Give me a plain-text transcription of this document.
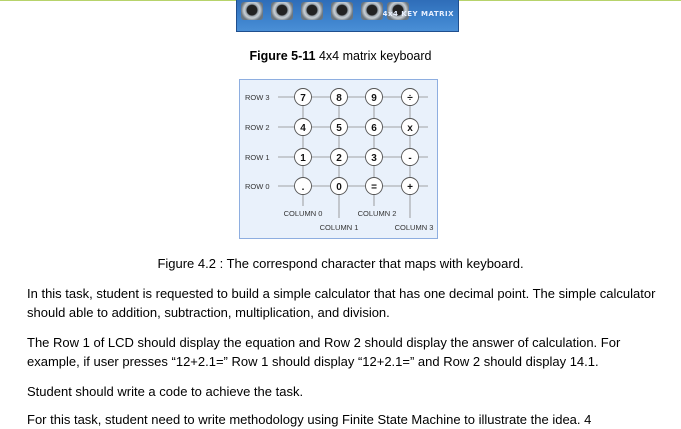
4x4 KEY MATRIX
Figure 5-11 4x4 matrix keyboard
ROW 3
ROW 2
ROW 1
ROW 0
7	8	9	÷
4	5	6	x
1	2	3	-
.	0	=	+
COLUMN 0
COLUMN 1
COLUMN 2
COLUMN 3
Figure 4.2 : The correspond character that maps with keyboard.

In this task, student is requested to build a simple calculator that has one decimal point. The simple calculator should able to addition, subtraction, multiplication, and division.

The Row 1 of LCD should display the equation and Row 2 should display the answer of calculation. For example, if user presses “12+2.1=” Row 1 should display “12+2.1=” and Row 2 should display 14.1.

Student should write a code to achieve the task.

For this task, student need to write methodology using Finite State Machine to illustrate the idea. 4
